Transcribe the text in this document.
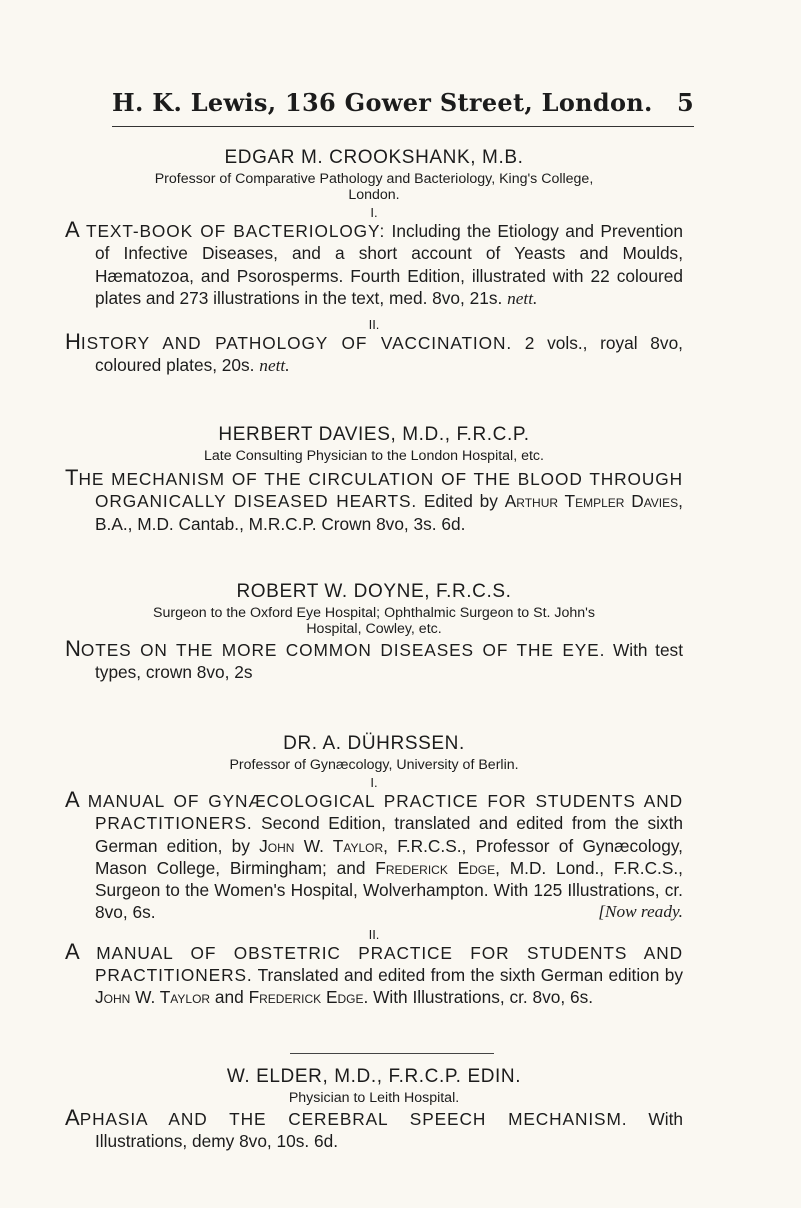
H. K. Lewis, 136 Gower Street, London. 5

EDGAR M. CROOKSHANK, M.B.

Professor of Comparative Pathology and Bacteriology, King's College,
London.

I.

A TEXT-BOOK OF BACTERIOLOGY: Including the Etiology and Prevention of Infective Diseases, and a short account of Yeasts and Moulds, Hæmatozoa, and Psorosperms. Fourth Edition, illustrated with 22 coloured plates and 273 illustrations in the text, med. 8vo, 21s. nett.

II.

HISTORY AND PATHOLOGY OF VACCINATION. 2 vols., royal 8vo, coloured plates, 20s. nett.

HERBERT DAVIES, M.D., F.R.C.P.

Late Consulting Physician to the London Hospital, etc.

THE MECHANISM OF THE CIRCULATION OF THE BLOOD THROUGH ORGANICALLY DISEASED HEARTS. Edited by Arthur Templer Davies, B.A., M.D. Cantab., M.R.C.P. Crown 8vo, 3s. 6d.

ROBERT W. DOYNE, F.R.C.S.

Surgeon to the Oxford Eye Hospital; Ophthalmic Surgeon to St. John's
Hospital, Cowley, etc.

NOTES ON THE MORE COMMON DISEASES OF THE EYE. With test types, crown 8vo, 2s

DR. A. DÜHRSSEN.

Professor of Gynæcology, University of Berlin.

I.

A MANUAL OF GYNÆCOLOGICAL PRACTICE FOR STUDENTS AND PRACTITIONERS. Second Edition, translated and edited from the sixth German edition, by John W. Taylor, F.R.C.S., Professor of Gynæcology, Mason College, Birmingham; and Frederick Edge, M.D. Lond., F.R.C.S., Surgeon to the Women's Hospital, Wolverhampton. With 125 Illustrations, cr. 8vo, 6s.	[Now ready.

II.

A MANUAL OF OBSTETRIC PRACTICE FOR STUDENTS AND PRACTITIONERS. Translated and edited from the sixth German edition by John W. Taylor and Frederick Edge. With Illustrations, cr. 8vo, 6s.

W. ELDER, M.D., F.R.C.P. EDIN.

Physician to Leith Hospital.

APHASIA AND THE CEREBRAL SPEECH MECHANISM. With Illustrations, demy 8vo, 10s. 6d.
